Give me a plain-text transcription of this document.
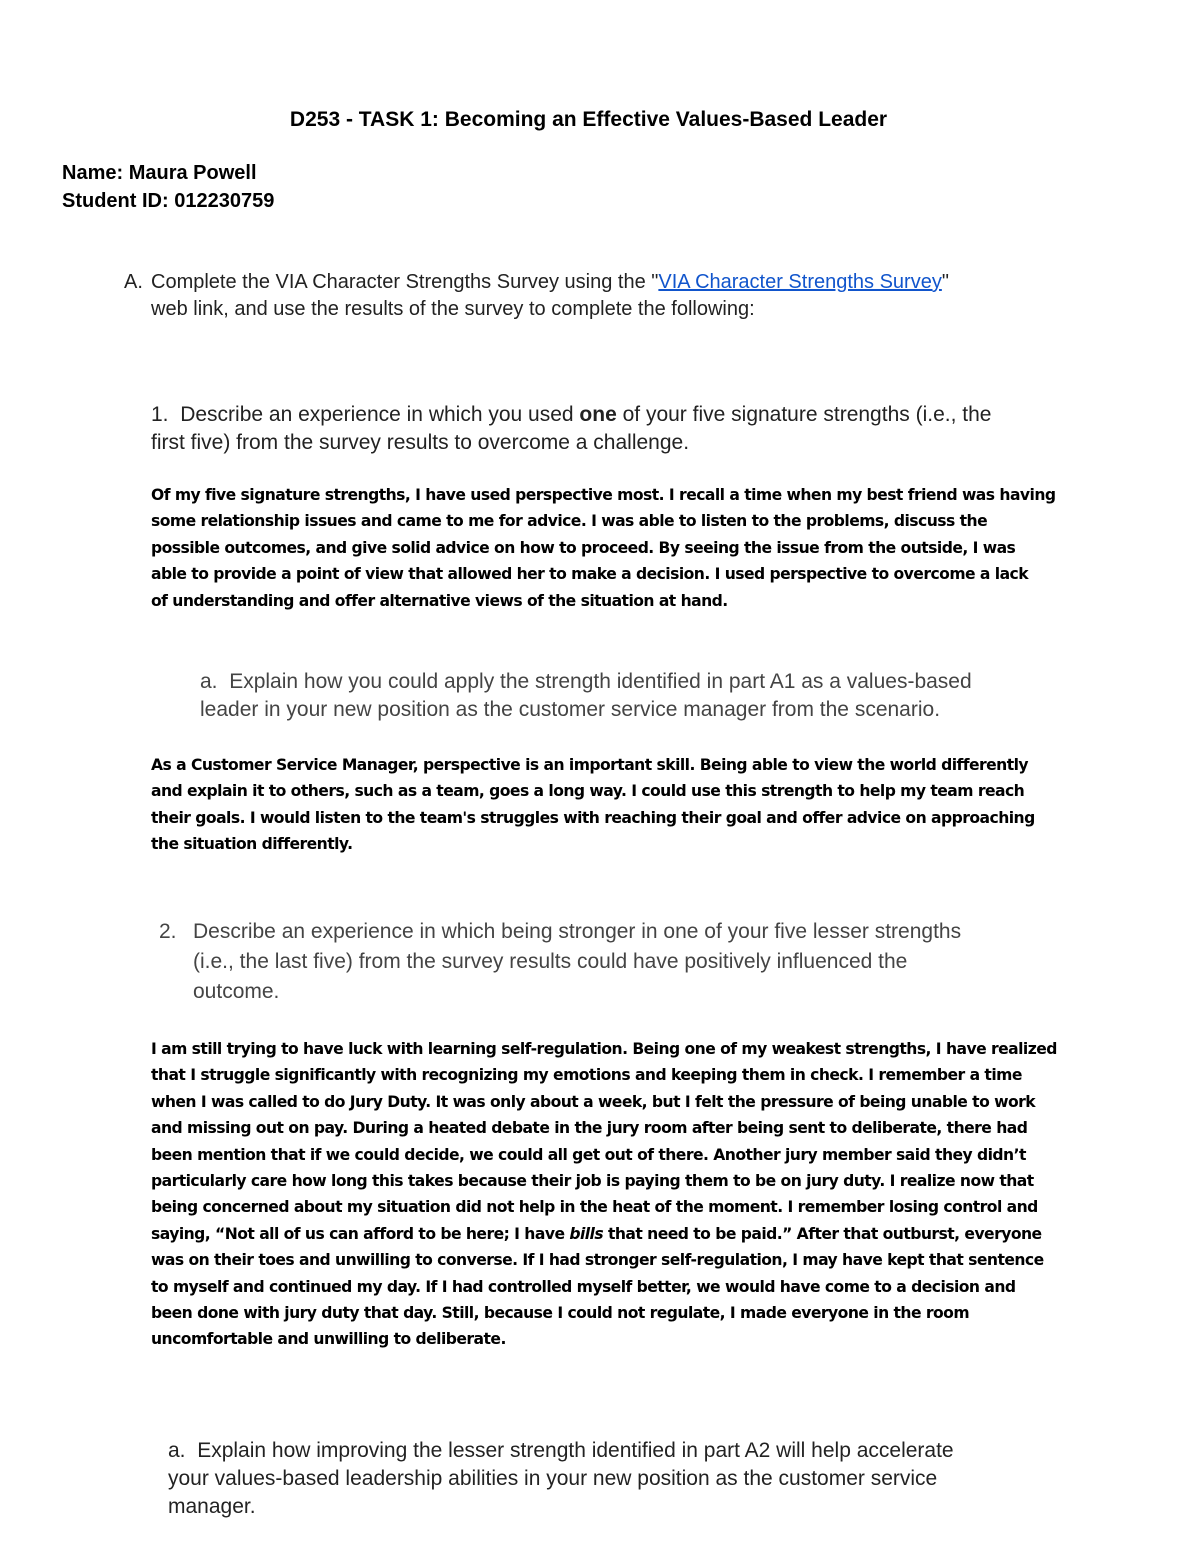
D253 - TASK 1: Becoming an Effective Values-Based Leader
Name: Maura Powell
Student ID: 012230759
A. Complete the VIA Character Strengths Survey using the "VIA Character Strengths Survey"
web link, and use the results of the survey to complete the following:
1. Describe an experience in which you used one of your five signature strengths (i.e., the
first five) from the survey results to overcome a challenge.
Of my five signature strengths, I have used perspective most. I recall a time when my best friend was having
some relationship issues and came to me for advice. I was able to listen to the problems, discuss the
possible outcomes, and give solid advice on how to proceed. By seeing the issue from the outside, I was
able to provide a point of view that allowed her to make a decision. I used perspective to overcome a lack
of understanding and offer alternative views of the situation at hand.
a. Explain how you could apply the strength identified in part A1 as a values-based
leader in your new position as the customer service manager from the scenario.
As a Customer Service Manager, perspective is an important skill. Being able to view the world differently
and explain it to others, such as a team, goes a long way. I could use this strength to help my team reach
their goals. I would listen to the team's struggles with reaching their goal and offer advice on approaching
the situation differently.
2. Describe an experience in which being stronger in one of your five lesser strengths
(i.e., the last five) from the survey results could have positively influenced the
outcome.
I am still trying to have luck with learning self-regulation. Being one of my weakest strengths, I have realized
that I struggle significantly with recognizing my emotions and keeping them in check. I remember a time
when I was called to do Jury Duty. It was only about a week, but I felt the pressure of being unable to work
and missing out on pay. During a heated debate in the jury room after being sent to deliberate, there had
been mention that if we could decide, we could all get out of there. Another jury member said they didn’t
particularly care how long this takes because their job is paying them to be on jury duty. I realize now that
being concerned about my situation did not help in the heat of the moment. I remember losing control and
saying, “Not all of us can afford to be here; I have bills that need to be paid.” After that outburst, everyone
was on their toes and unwilling to converse. If I had stronger self-regulation, I may have kept that sentence
to myself and continued my day. If I had controlled myself better, we would have come to a decision and
been done with jury duty that day. Still, because I could not regulate, I made everyone in the room
uncomfortable and unwilling to deliberate.
a. Explain how improving the lesser strength identified in part A2 will help accelerate
your values-based leadership abilities in your new position as the customer service
manager.
